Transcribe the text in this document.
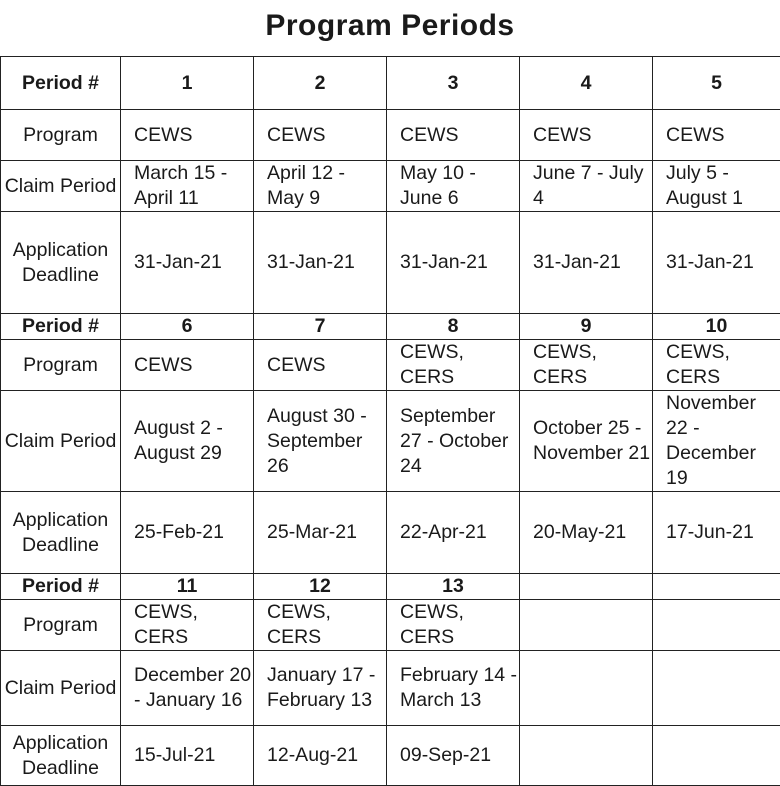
Program Periods
Period #	1	2	3	4	5
Program	CEWS	CEWS	CEWS	CEWS	CEWS
Claim Period	March 15 - April 11	April 12 - May 9	May 10 - June 6	June 7 - July 4	July 5 - August 1
Application Deadline	31-Jan-21	31-Jan-21	31-Jan-21	31-Jan-21	31-Jan-21
Period #	6	7	8	9	10
Program	CEWS	CEWS	CEWS, CERS	CEWS, CERS	CEWS, CERS
Claim Period	August 2 - August 29	August 30 - September 26	September 27 - October 24	October 25 - November 21	November 22 - December 19
Application Deadline	25-Feb-21	25-Mar-21	22-Apr-21	20-May-21	17-Jun-21
Period #	11	12	13		
Program	CEWS, CERS	CEWS, CERS	CEWS, CERS		
Claim Period	December 20 - January 16	January 17 - February 13	February 14 - March 13		
Application Deadline	15-Jul-21	12-Aug-21	09-Sep-21		
